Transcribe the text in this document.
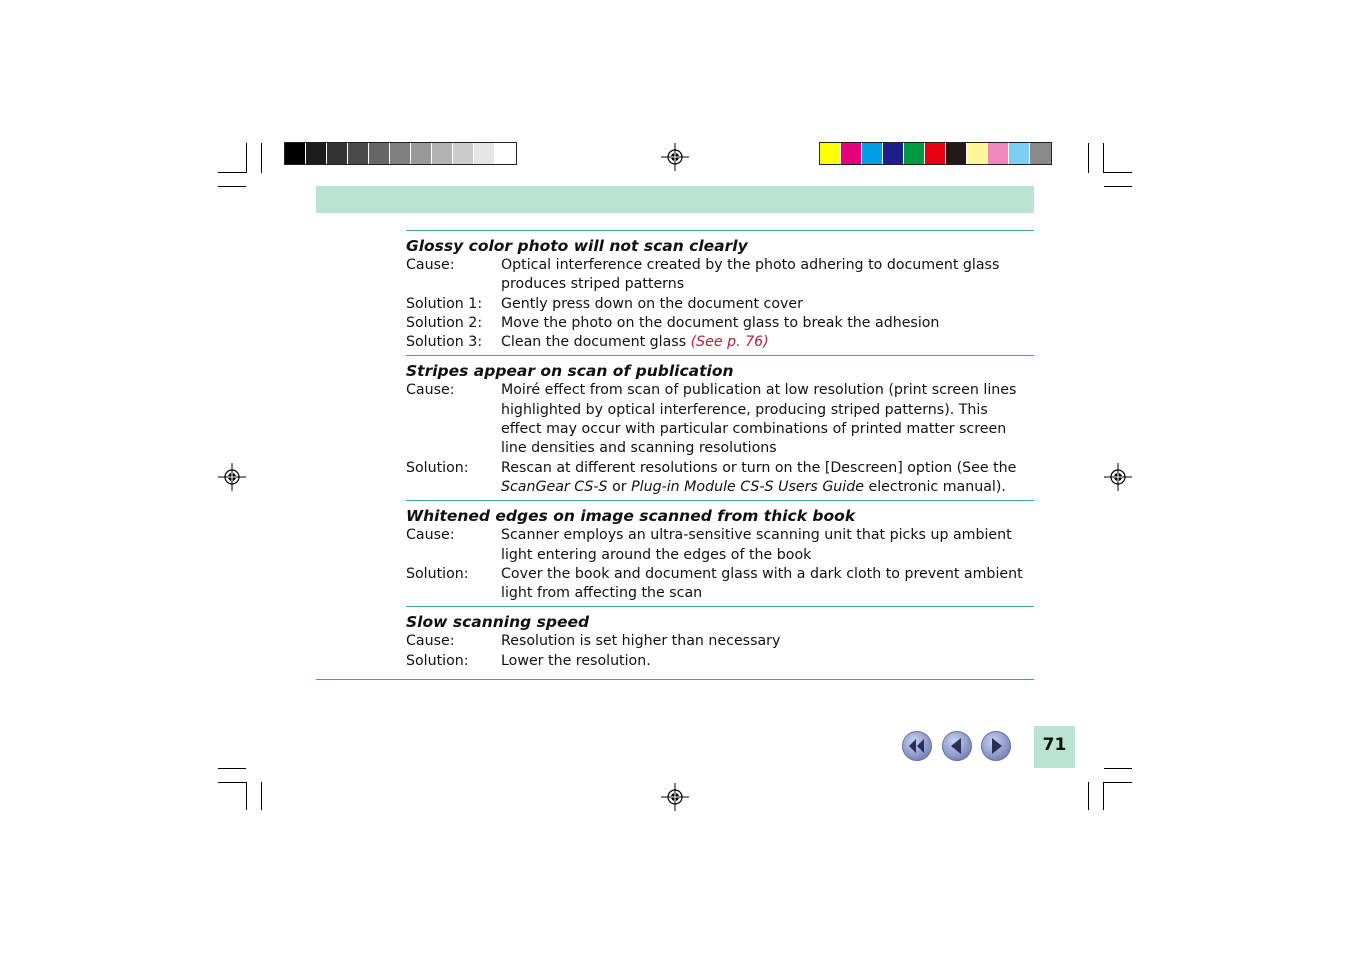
Glossy color photo will not scan clearly

Cause:	Optical interference created by the photo adhering to document glass produces striped patterns
Solution 1:	Gently press down on the document cover
Solution 2:	Move the photo on the document glass to break the adhesion
Solution 3:	Clean the document glass (See p. 76)

Stripes appear on scan of publication

Cause:	Moiré effect from scan of publication at low resolution (print screen lines highlighted by optical interference, producing striped patterns). This effect may occur with particular combinations of printed matter screen line densities and scanning resolutions
Solution:	Rescan at different resolutions or turn on the [Descreen] option (See the ScanGear CS-S or Plug-in Module CS-S Users Guide electronic manual).

Whitened edges on image scanned from thick book

Cause:	Scanner employs an ultra-sensitive scanning unit that picks up ambient light entering around the edges of the book
Solution:	Cover the book and document glass with a dark cloth to prevent ambient light from affecting the scan

Slow scanning speed

Cause:	Resolution is set higher than necessary
Solution:	Lower the resolution.
71
